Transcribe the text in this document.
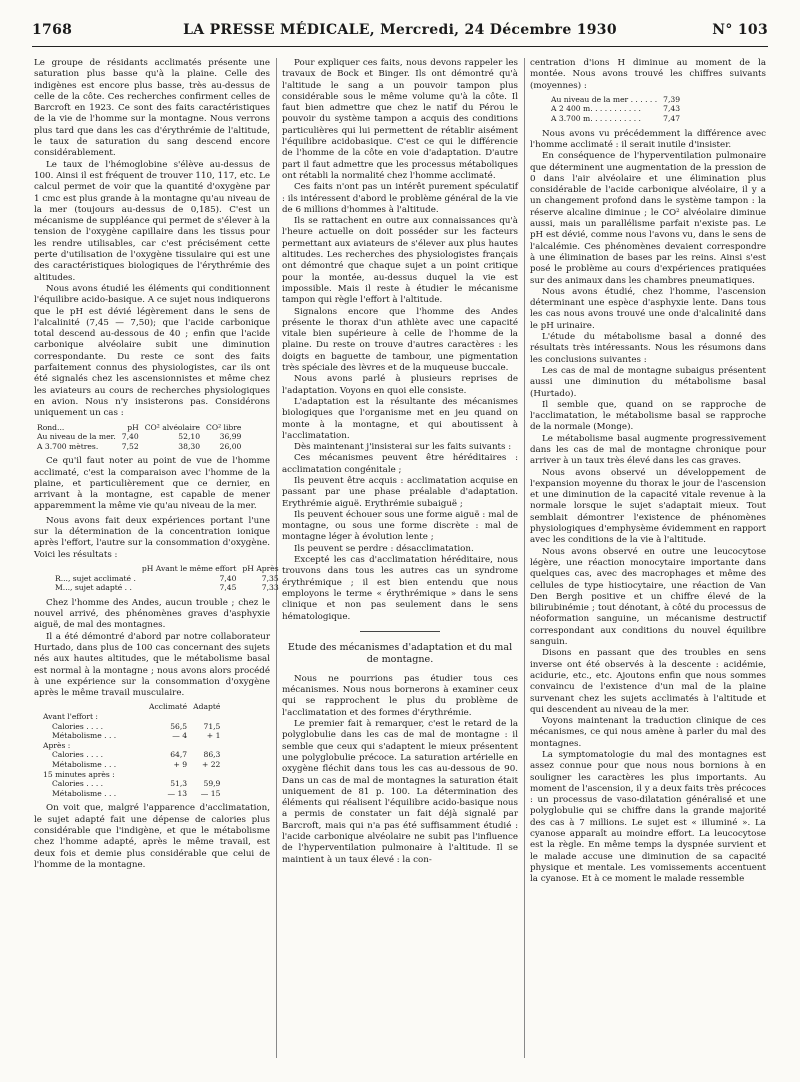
1768	LA PRESSE MÉDICALE, Mercredi, 24 Décembre 1930	N° 103

Le groupe de résidants acclimatés présente une saturation plus basse qu'à la plaine. Celle des indigènes est encore plus basse, très au-dessus de celle de la côte. Ces recherches confirment celles de Barcroft en 1923. Ce sont des faits caractéristiques de la vie de l'homme sur la montagne. Nous verrons plus tard que dans les cas d'érythrémie de l'altitude, le taux de saturation du sang descend encore considérablement.

Le taux de l'hémoglobine s'élève au-dessus de 100. Ainsi il est fréquent de trouver 110, 117, etc. Le calcul permet de voir que la quantité d'oxygène par 1 cmc est plus grande à la montagne qu'au niveau de la mer (toujours au-dessus de 0,185). C'est un mécanisme de suppléance qui permet de s'élever à la tension de l'oxygène capillaire dans les tissus pour les rendre utilisables, car c'est précisément cette perte d'utilisation de l'oxygène tissulaire qui est une des caractéristiques biologiques de l'érythrémie des altitudes.

Nous avons étudié les éléments qui conditionnent l'équilibre acido-basique. A ce sujet nous indiquerons que le pH est dévié légèrement dans le sens de l'alcalinité (7,45 — 7,50); que l'acide carbonique total descend au-dessous de 40 ; enfin que l'acide carbonique alvéolaire subit une diminution correspondante. Du reste ce sont des faits parfaitement connus des physiologistes, car ils ont été signalés chez les ascensionnistes et même chez les aviateurs au cours de recherches physiologiques en avion. Nous n'y insisterons pas. Considérons uniquement un cas :

Rond...	pH	CO² alvéolaire	CO² libre
Au niveau de la mer.	7,40	52,10	36,99
A 3.700 mètres.	7,52	38,30	26,00

Ce qu'il faut noter au point de vue de l'homme acclimaté, c'est la comparaison avec l'homme de la plaine, et particulièrement que ce dernier, en arrivant à la montagne, est capable de mener apparemment la même vie qu'au niveau de la mer.

Nous avons fait deux expériences portant l'une sur la détermination de la concentration ionique après l'effort, l'autre sur la consommation d'oxygène. Voici les résultats :

	pH Avant le même effort	pH Après
R..., sujet acclimaté .	7,40	7,35
M..., sujet adapté . .	7,45	7,33

Chez l'homme des Andes, aucun trouble ; chez le nouvel arrivé, des phénomènes graves d'asphyxie aiguë, de mal des montagnes.

Il a été démontré d'abord par notre collaborateur Hurtado, dans plus de 100 cas concernant des sujets nés aux hautes altitudes, que le métabolisme basal est normal à la montagne ; nous avons alors procédé à une expérience sur la consommation d'oxygène après le même travail musculaire.

	Acclimaté	Adapté
Avant l'effort :		
Calories . . . .	56,5	71,5
Métabolisme . . .	— 4	+ 1
Après :		
Calories . . . .	64,7	86,3
Métabolisme . . .	+ 9	+ 22
15 minutes après :		
Calories . . . .	51,3	59,9
Métabolisme . . .	— 13	— 15

On voit que, malgré l'apparence d'acclimatation, le sujet adapté fait une dépense de calories plus considérable que l'indigène, et que le métabolisme chez l'homme adapté, après le même travail, est deux fois et demie plus considérable que celui de l'homme de la montagne.

Pour expliquer ces faits, nous devons rappeler les travaux de Bock et Binger. Ils ont démontré qu'à l'altitude le sang a un pouvoir tampon plus considérable sous le même volume qu'à la côte. Il faut bien admettre que chez le natif du Pérou le pouvoir du système tampon a acquis des conditions particulières qui lui permettent de rétablir aisément l'équilibre acidobasique. C'est ce qui le différencie de l'homme de la côte en voie d'adaptation. D'autre part il faut admettre que les processus métaboliques ont rétabli la normalité chez l'homme acclimaté.

Ces faits n'ont pas un intérêt purement spéculatif : ils intéressent d'abord le problème général de la vie de 6 millions d'hommes à l'altitude.

Ils se rattachent en outre aux connaissances qu'à l'heure actuelle on doit posséder sur les facteurs permettant aux aviateurs de s'élever aux plus hautes altitudes. Les recherches des physiologistes français ont démontré que chaque sujet a un point critique pour la montée, au-dessus duquel la vie est impossible. Mais il reste à étudier le mécanisme tampon qui règle l'effort à l'altitude.

Signalons encore que l'homme des Andes présente le thorax d'un athlète avec une capacité vitale bien supérieure à celle de l'homme de la plaine. Du reste on trouve d'autres caractères : les doigts en baguette de tambour, une pigmentation très spéciale des lèvres et de la muqueuse buccale.

Nous avons parlé à plusieurs reprises de l'adaptation. Voyons en quoi elle consiste.

L'adaptation est la résultante des mécanismes biologiques que l'organisme met en jeu quand on monte à la montagne, et qui aboutissent à l'acclimatation.

Dès maintenant j'insisterai sur les faits suivants :

Ces mécanismes peuvent être héréditaires : acclimatation congénitale ;

Ils peuvent être acquis : acclimatation acquise en passant par une phase préalable d'adaptation. Erythrémie aiguë. Erythrémie subaiguë ;

Ils peuvent échouer sous une forme aiguë : mal de montagne, ou sous une forme discrète : mal de montagne léger à évolution lente ;

Ils peuvent se perdre : désacclimatation.

Excepté les cas d'acclimatation héréditaire, nous trouvons dans tous les autres cas un syndrome érythrémique ; il est bien entendu que nous employons le terme « érythrémique » dans le sens clinique et non pas seulement dans le sens hématologique.

Etude des mécanismes d'adaptation et du mal de montagne.

Nous ne pourrions pas étudier tous ces mécanismes. Nous nous bornerons à examiner ceux qui se rapprochent le plus du problème de l'acclimatation et des formes d'érythrémie.

Le premier fait à remarquer, c'est le retard de la polyglobulie dans les cas de mal de montagne : il semble que ceux qui s'adaptent le mieux présentent une polyglobulie précoce. La saturation artérielle en oxygène fléchit dans tous les cas au-dessous de 90. Dans un cas de mal de montagnes la saturation était uniquement de 81 p. 100. La détermination des éléments qui réalisent l'équilibre acido-basique nous a permis de constater un fait déjà signalé par Barcroft, mais qui n'a pas été suffisamment étudié : l'acide carbonique alvéolaire ne subit pas l'influence de l'hyperventilation pulmonaire à l'altitude. Il se maintient à un taux élevé : la con-

centration d'ions H diminue au moment de la montée. Nous avons trouvé les chiffres suivants (moyennes) :

Au niveau de la mer . . . . . .	7,39
A 2 400 m. . . . . . . . . . .	7,43
A 3.700 m. . . . . . . . . . .	7,47

Nous avons vu précédemment la différence avec l'homme acclimaté : il serait inutile d'insister.

En conséquence de l'hyperventilation pulmonaire que déterminent une augmentation de la pression de 0 dans l'air alvéolaire et une élimination plus considérable de l'acide carbonique alvéolaire, il y a un changement profond dans le système tampon : la réserve alcaline diminue ; le CO² alvéolaire diminue aussi, mais un parallélisme parfait n'existe pas. Le pH est dévié, comme nous l'avons vu, dans le sens de l'alcalémie. Ces phénomènes devaient correspondre à une élimination de bases par les reins. Ainsi s'est posé le problème au cours d'expériences pratiquées sur des animaux dans les chambres pneumatiques.

Nous avons étudié, chez l'homme, l'ascension déterminant une espèce d'asphyxie lente. Dans tous les cas nous avons trouvé une onde d'alcalinité dans le pH urinaire.

L'étude du métabolisme basal a donné des résultats très intéressants. Nous les résumons dans les conclusions suivantes :

Les cas de mal de montagne subaigus présentent aussi une diminution du métabolisme basal (Hurtado).

Il semble que, quand on se rapproche de l'acclimatation, le métabolisme basal se rapproche de la normale (Monge).

Le métabolisme basal augmente progressivement dans les cas de mal de montagne chronique pour arriver à un taux très élevé dans les cas graves.

Nous avons observé un développement de l'expansion moyenne du thorax le jour de l'ascension et une diminution de la capacité vitale revenue à la normale lorsque le sujet s'adaptait mieux. Tout semblait démontrer l'existence de phénomènes physiologiques d'emphysème évidemment en rapport avec les conditions de la vie à l'altitude.

Nous avons observé en outre une leucocytose légère, une réaction monocytaire importante dans quelques cas, avec des macrophages et même des cellules de type histiocytaire, une réaction de Van Den Bergh positive et un chiffre élevé de la bilirubinémie ; tout dénotant, à côté du processus de néoformation sanguine, un mécanisme destructif correspondant aux conditions du nouvel équilibre sanguin.

Disons en passant que des troubles en sens inverse ont été observés à la descente : acidémie, acidurie, etc., etc. Ajoutons enfin que nous sommes convaincu de l'existence d'un mal de la plaine survenant chez les sujets acclimatés à l'altitude et qui descendent au niveau de la mer.

Voyons maintenant la traduction clinique de ces mécanismes, ce qui nous amène à parler du mal des montagnes.

La symptomatologie du mal des montagnes est assez connue pour que nous nous bornions à en souligner les caractères les plus importants. Au moment de l'ascension, il y a deux faits très précoces : un processus de vaso-dilatation généralisé et une polyglobulie qui se chiffre dans la grande majorité des cas à 7 millions. Le sujet est « illuminé ». La cyanose apparaît au moindre effort. La leucocytose est la règle. En même temps la dyspnée survient et le malade accuse une diminution de sa capacité physique et mentale. Les vomissements accentuent la cyanose. Et à ce moment le malade ressemble
